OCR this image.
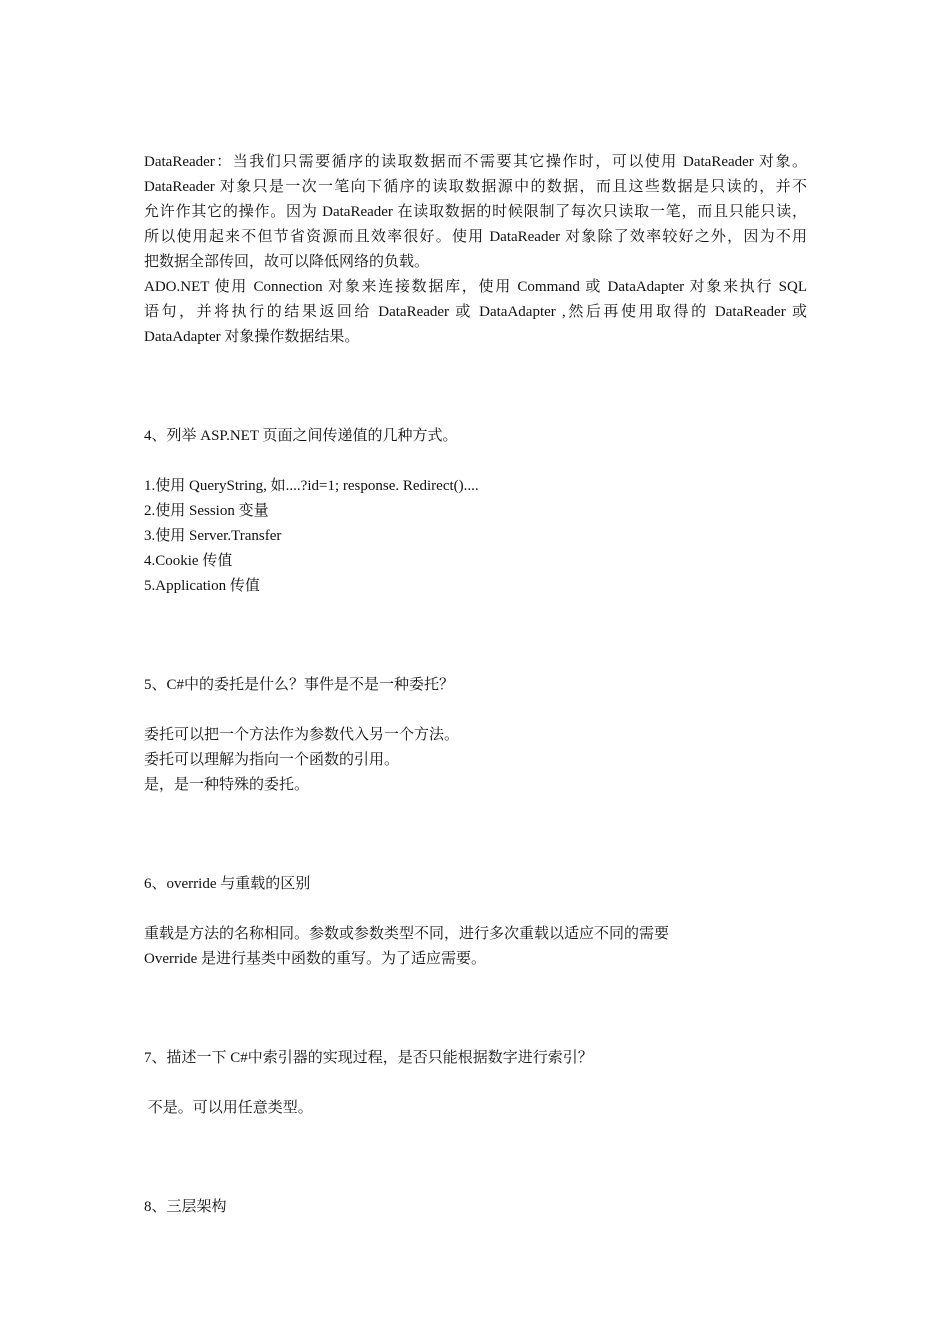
DataReader：当我们只需要循序的读取数据而不需要其它操作时，可以使用 DataReader 对象。
DataReader 对象只是一次一笔向下循序的读取数据源中的数据，而且这些数据是只读的，并不
允许作其它的操作。因为 DataReader 在读取数据的时候限制了每次只读取一笔，而且只能只读，
所以使用起来不但节省资源而且效率很好。使用 DataReader 对象除了效率较好之外，因为不用
把数据全部传回，故可以降低网络的负载。
ADO.NET 使用 Connection 对象来连接数据库，使用 Command 或 DataAdapter 对象来执行 SQL
语句，并将执行的结果返回给 DataReader 或 DataAdapter ,然后再使用取得的 DataReader 或
DataAdapter 对象操作数据结果。
4、列举 ASP.NET 页面之间传递值的几种方式。
1.使用 QueryString, 如....?id=1; response. Redirect()....
2.使用 Session 变量
3.使用 Server.Transfer
4.Cookie 传值
5.Application 传值
5、C#中的委托是什么？事件是不是一种委托？
委托可以把一个方法作为参数代入另一个方法。
委托可以理解为指向一个函数的引用。
是，是一种特殊的委托。
6、override 与重载的区别
重载是方法的名称相同。参数或参数类型不同，进行多次重载以适应不同的需要
Override 是进行基类中函数的重写。为了适应需要。
7、描述一下 C#中索引器的实现过程，是否只能根据数字进行索引？
不是。可以用任意类型。
8、三层架构
